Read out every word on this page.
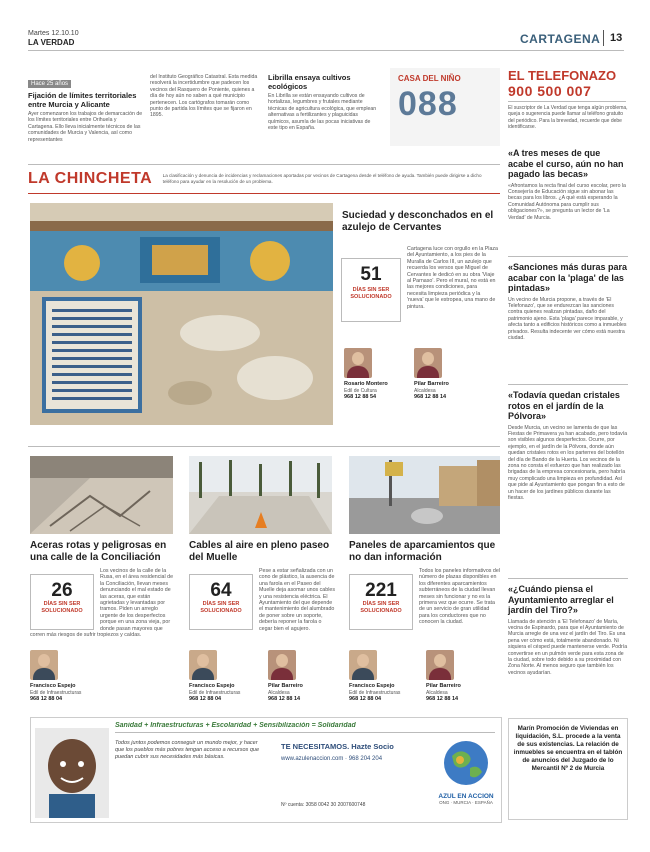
Martes 12.10.10
LA VERDAD	CARTAGENA 13
Hace 25 años
Fijación de límites territoriales entre Murcia y Alicante
Ayer comenzaron los trabajos de demarcación de los límites territoriales entre Orihuela y Cartagena. Ello lleva inicialmente técnicos de las comunidades de Murcia y Valencia, así como representantes
del Instituto Geográfico Catastral. Esta medida resolverá la incertidumbre que padecen los vecinos del Rasquero de Poniente, quienes a día de hoy aún no saben a qué municipio pertenecen. Los cartógrafos tomarán como punto de partida los límites que se fijaron en 1895.
Librilla ensaya cultivos ecológicos
En Librilla se están ensayando cultivos de hortalizas, legumbres y frutales mediante técnicas de agricultura ecológica, que emplean alternativas a fertilizantes y plaguicidas químicos, asumía de las pocas iniciativas de este tipo en España.
CASA DEL NIÑO
088
EL TELEFONAZO
900 500 007
El suscriptor de La Verdad que tenga algún problema, queja o sugerencia puede llamar al teléfono gratuito del periódico. Para la brevedad, recuerde que debe identificarse.
LA CHINCHETA La clasificación y denuncia de incidencias y reclamaciones aportadas por vecinos de Cartagena desde el teléfono de ayuda. También puede dirigirse a dicho teléfono para ayudar en la resolución de un problema.
Suciedad y desconchados en el azulejo de Cervantes
51
DÍAS SIN SER SOLUCIONADO
Cartagena luce con orgullo en la Plaza del Ayuntamiento, a los pies de la Muralla de Carlos III, un azulejo que recuerda los versos que Miguel de Cervantes le dedicó en su obra 'Viaje al Parnaso'. Pero el mural, no está en las mejores condiciones, para necesita limpieza periódica y la 'nueva' que le estropea, una mano de pintura.
Rosario Montero
Edil de Cultura
968 12 88 54
Pilar Barreiro
Alcaldesa
968 12 88 14
Aceras rotas y peligrosas en una calle de la Conciliación
Cables al aire en pleno paseo del Muelle
Paneles de aparcamientos que no dan información
26
DÍAS SIN SER SOLUCIONADO
64
DÍAS SIN SER SOLUCIONADO
221
DÍAS SIN SER SOLUCIONADO
Los vecinos de la calle de la Rusa, en el área residencial de la Conciliación, llevan meses denunciando el mal estado de las aceras, que están agrietadas y levantadas por tramos. Piden un arreglo urgente de los desperfectos porque en una zona vieja, por donde pasan mayores que corren más riesgos de sufrir tropiezos y caídas.
Pese a estar señalizada con un cono de plástico, la ausencia de una farola en el Paseo del Muelle deja asomar unos cables y una resistencia eléctrica. El Ayuntamiento del que depende el mantenimiento del alumbrado de poner sobre un soporte, debería reponer la farola o cegar bien el agujero.
Todos los paneles informativos del número de plazas disponibles en los diferentes aparcamientos subterráneos de la ciudad llevan meses sin funcionar y no es la primera vez que ocurre. Se trata de un servicio de gran utilidad para los conductores que no conocen la ciudad.
Francisco Espejo
Edil de Infraestructuras
968 12 88 04
Francisco Espejo
Edil de Infraestructuras
968 12 88 04
Pilar Barreiro
Alcaldesa
968 12 88 14
Francisco Espejo
Edil de Infraestructuras
968 12 88 04
Pilar Barreiro
Alcaldesa
968 12 88 14
«A tres meses de que acabe el curso, aún no han pagado las becas»
«Afrontamos la recta final del curso escolar, pero la Consejería de Educación sigue sin abonar las becas para los libros. ¿A qué está esperando la Comunidad Autónoma para cumplir sus obligaciones?», se pregunta un lector de 'La Verdad' de Murcia.
«Sanciones más duras para acabar con la 'plaga' de las pintadas»
Un vecino de Murcia propone, a través de 'El Telefonazo', que se endurezcan las sanciones contra quienes realizan pintadas, daño del patrimonio ajeno. Esta 'plaga' parece imparable, y afecta tanto a edificios históricos como a inmuebles privados. Resulta indecente ver cómo está nuestra ciudad.
«Todavía quedan cristales rotos en el jardín de la Pólvora»
Desde Murcia, un vecino se lamenta de que las Fiestas de Primavera ya han acabado, pero todavía son visibles algunos desperfectos. Ocurre, por ejemplo, en el jardín de la Pólvora, donde aún quedan cristales rotos en los parterres del botellón del día de Bando de la Huerta. Los vecinos de la zona no consta el esfuerzo que han realizado las brigadas de la empresa concesionaria, pero habría muy complicado una limpieza en profundidad. Así que pide al Ayuntamiento que pongan fin a esto de un hacer de los jardines públicos durante las fiestas.
«¿Cuándo piensa el Ayuntamiento arreglar el jardín del Tiro?»
Llamada de atención a 'El Telefonazo' de María, vecina de Espinardo, para que el Ayuntamiento de Murcia arregle de una vez el jardín del Tiro. Es una pena ver cómo está, totalmente abandonado. Ni siquiera el césped puede mantenerse verde. Podría convertirse en un pulmón verde para esta zona de la ciudad, sobre todo debido a su proximidad con Zona Norte. Al menos seguro que también los vecinos ayudarían.
Sanidad + Infraestructuras + Escolaridad + Sensibilización = Solidaridad
Todos juntos podemos conseguir un mundo mejor, y hacer que los pueblos más pobres tengan acceso a recursos que puedan cubrir sus necesidades más básicas.
TE NECESITAMOS. Hazte Socio
www.azulenaccion.com · 968 204 204
Nº cuenta: 3058 0042 30 2007600748
AZUL EN ACCION
ONG · MURCIA · ESPAÑA
Marín Promoción de Viviendas en liquidación, S.L. procede a la venta de sus existencias. La relación de inmuebles se encuentra en el tablón de anuncios del Juzgado de lo Mercantil Nº 2 de Murcia
